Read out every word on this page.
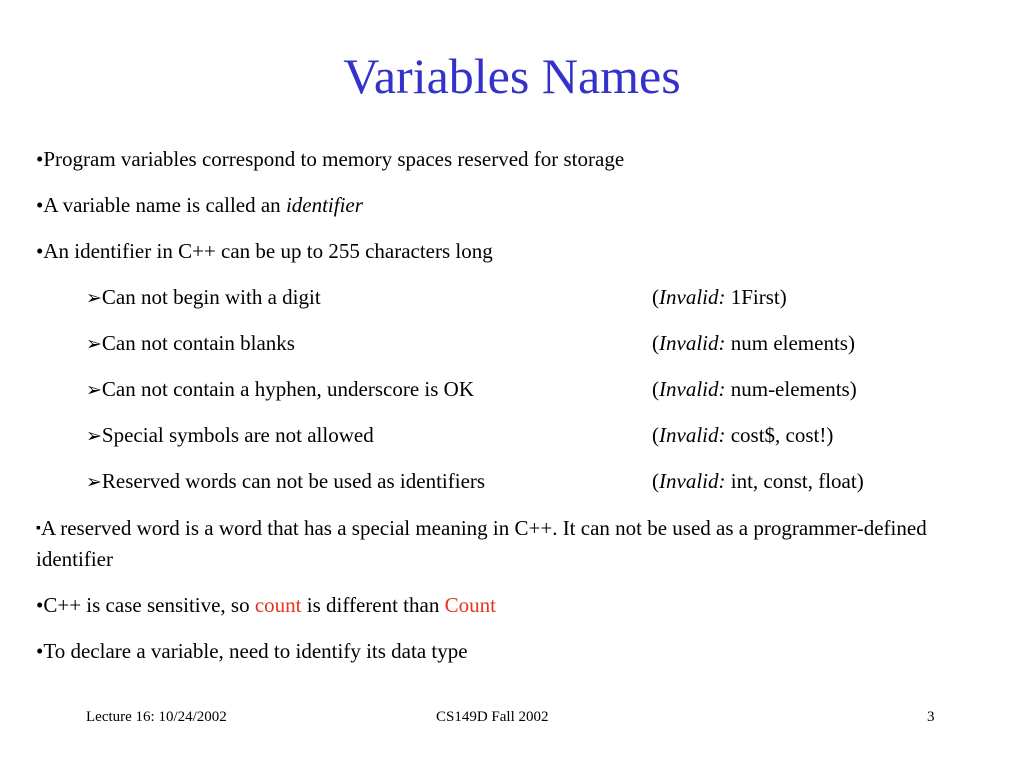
Variables Names
•Program variables correspond to memory spaces reserved for storage
•A variable name is called an identifier
•An identifier in C++ can be up to 255 characters long
➢Can not begin with a digit	(Invalid: 1First)
➢Can not contain blanks	(Invalid: num elements)
➢Can not contain a hyphen, underscore is OK	(Invalid: num-elements)
➢Special symbols are not allowed	(Invalid: cost$, cost!)
➢Reserved words can not be used as identifiers	(Invalid: int, const, float)
▪A reserved word is a word that has a special meaning in C++. It can not be used as a programmer-defined identifier
•C++ is case sensitive, so count is different than Count
•To declare a variable, need to identify its data type
Lecture 16: 10/24/2002	CS149D Fall 2002	3
